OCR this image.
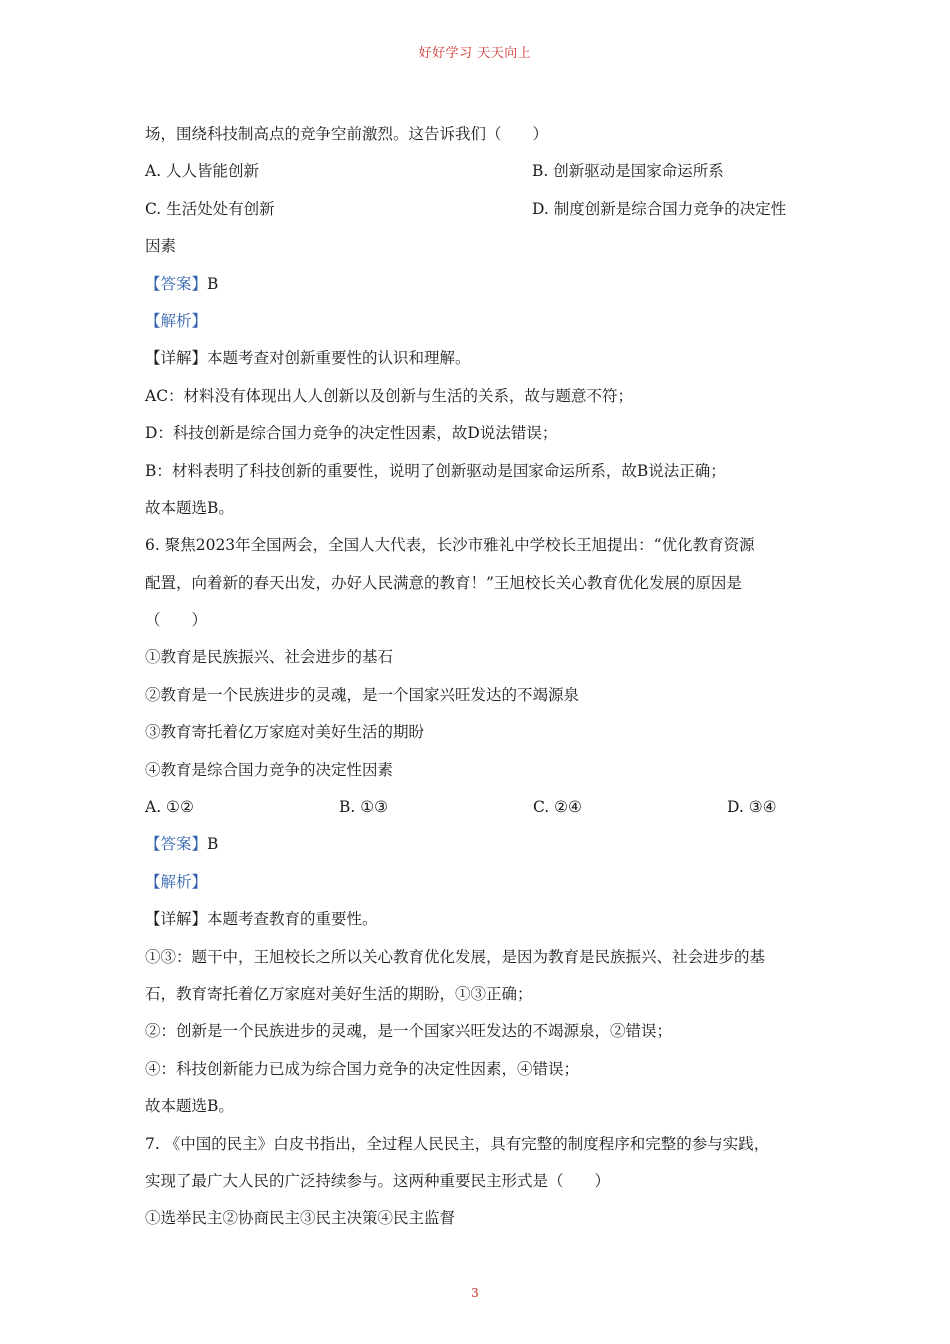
好好学习 天天向上
场，围绕科技制高点的竞争空前激烈。这告诉我们（　　）
A. 人人皆能创新	B. 创新驱动是国家命运所系
C. 生活处处有创新	D. 制度创新是综合国力竞争的决定性
因素
【答案】B
【解析】
【详解】本题考查对创新重要性的认识和理解。
AC：材料没有体现出人人创新以及创新与生活的关系，故与题意不符；
D：科技创新是综合国力竞争的决定性因素，故D说法错误；
B：材料表明了科技创新的重要性，说明了创新驱动是国家命运所系，故B说法正确；
故本题选B。
6. 聚焦2023年全国两会，全国人大代表，长沙市雅礼中学校长王旭提出：“优化教育资源
配置，向着新的春天出发，办好人民满意的教育！”王旭校长关心教育优化发展的原因是
（　　）
①教育是民族振兴、社会进步的基石
②教育是一个民族进步的灵魂，是一个国家兴旺发达的不竭源泉
③教育寄托着亿万家庭对美好生活的期盼
④教育是综合国力竞争的决定性因素
A. ①②	B. ①③	C. ②④	D. ③④
【答案】B
【解析】
【详解】本题考查教育的重要性。
①③：题干中，王旭校长之所以关心教育优化发展，是因为教育是民族振兴、社会进步的基
石，教育寄托着亿万家庭对美好生活的期盼，①③正确；
②：创新是一个民族进步的灵魂，是一个国家兴旺发达的不竭源泉，②错误；
④：科技创新能力已成为综合国力竞争的决定性因素，④错误；
故本题选B。
7. 《中国的民主》白皮书指出，全过程人民民主，具有完整的制度程序和完整的参与实践，
实现了最广大人民的广泛持续参与。这两种重要民主形式是（　　）
①选举民主②协商民主③民主决策④民主监督
3
